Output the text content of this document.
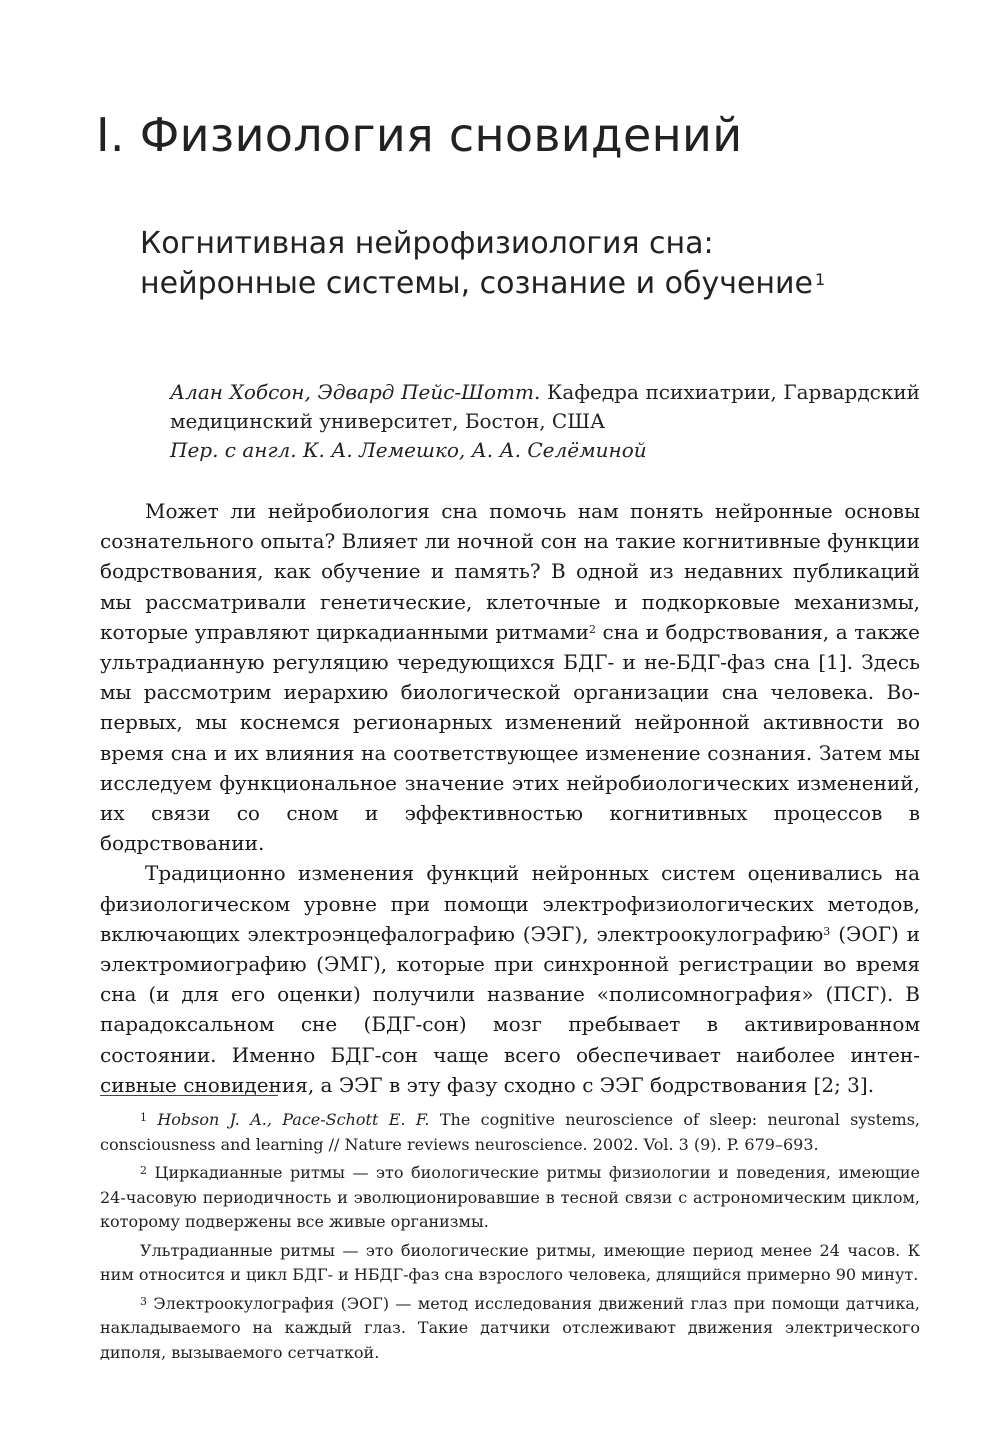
I. Физиология сновидений
Когнитивная нейрофизиология сна:
нейронные системы, сознание и обучение $^1$

Алан Хобсон, Эдвард Пейс-Шотт. Кафедра психиатрии, Гарвардский медицинский университет, Бостон, США

Пер. с англ. К. А. Лемешко, А. А. Селёминой

Может ли нейробиология сна помочь нам понять нейронные основы сознательного опыта? Влияет ли ночной сон на такие когнитивные функции бодрствования, как обучение и память? В одной из недавних публикаций мы рассматривали генетические, клеточные и подкорковые механизмы, которые управляют циркадианными ритмами$^2$ сна и бодрствования, а также ультрадианную регуляцию чередующихся БДГ- и не-БДГ-фаз сна [1]. Здесь мы рассмотрим иерархию биологической организации сна человека. Во-первых, мы коснемся регионарных изменений нейронной активности во время сна и их влияния на соответствующее изменение сознания. Затем мы исследуем функциональное значение этих нейробиологических изменений, их связи со сном и эффективностью когнитивных процессов в бодрствовании.

Традиционно изменения функций нейронных систем оценивались на физиологическом уровне при помощи электрофизиологических методов, включающих электроэнцефалографию (ЭЭГ), электроокулографию$^3$ (ЭОГ) и электромиографию (ЭМГ), которые при синхронной регистрации во время сна (и для его оценки) получили название «полисомнография» (ПСГ). В парадоксальном сне (БДГ-сон) мозг пребывает в активированном состоянии. Именно БДГ-сон чаще всего обеспечивает наиболее интенсивные сновидения, а ЭЭГ в эту фазу сходно с ЭЭГ бодрствования [2; 3].

$^1$ Hobson J. A., Pace-Schott E. F. The cognitive neuroscience of sleep: neuronal systems, consciousness and learning // Nature reviews neuroscience. 2002. Vol. 3 (9). P. 679–693.

$^2$ Циркадианные ритмы — это биологические ритмы физиологии и поведения, имеющие 24-часовую периодичность и эволюционировавшие в тесной связи с астрономическим циклом, которому подвержены все живые организмы.

Ультрадианные ритмы — это биологические ритмы, имеющие период менее 24 часов. К ним относится и цикл БДГ- и НБДГ-фаз сна взрослого человека, длящийся примерно 90 минут.

$^3$ Электроокулография (ЭОГ) — метод исследования движений глаз при помощи датчика, накладываемого на каждый глаз. Такие датчики отслеживают движения электрического диполя, вызываемого сетчаткой.
